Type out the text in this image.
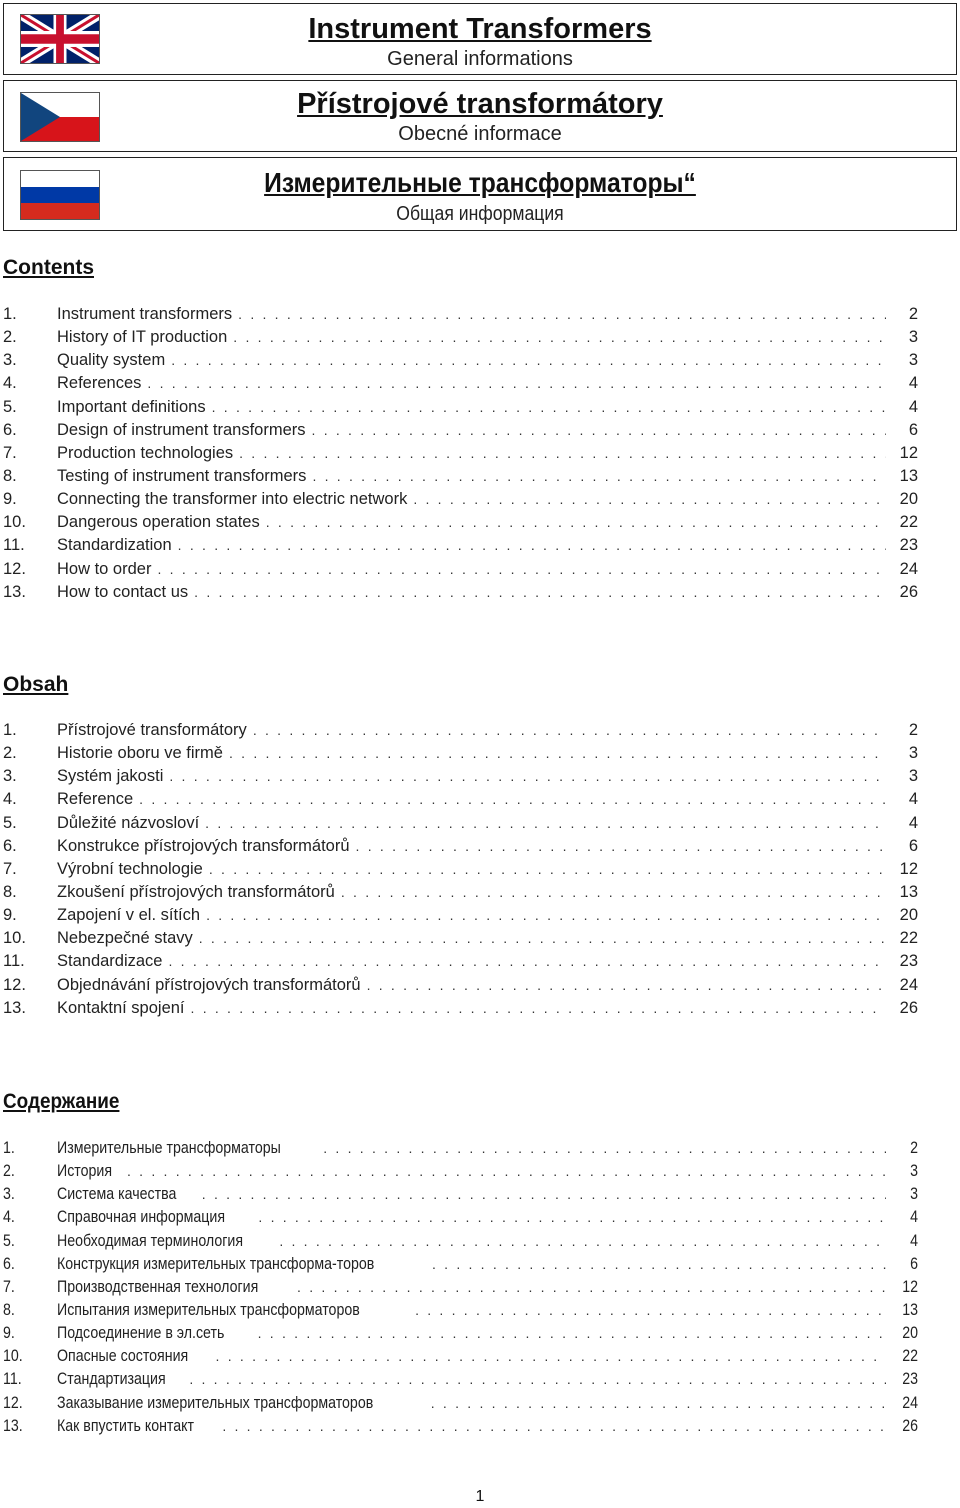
Instrument Transformers
General informations
Přístrojové transformátory
Obecné informace
Измерительные трансформаторы“
Общая информация
Contents
1.	Instrument transformers . . .	2
2.	History of IT production . . .	3
3.	Quality system . . .	3
4.	References . . .	4
5.	Important definitions . . .	4
6.	Design of instrument transformers . . .	6
7.	Production technologies . . .	12
8.	Testing of instrument transformers . . .	13
9.	Connecting the transformer into electric network . . .	20
10.	Dangerous operation states . . .	22
11.	Standardization . . .	23
12.	How to order . . .	24
13.	How to contact us . . .	26
Obsah
1.	Přístrojové transformátory . . .	2
2.	Historie oboru ve firmě . . .	3
3.	Systém jakosti . . .	3
4.	Reference . . .	4
5.	Důležité názvosloví . . .	4
6.	Konstrukce přístrojových transformátorů . . .	6
7.	Výrobní technologie . . .	12
8.	Zkoušení přístrojových transformátorů . . .	13
9.	Zapojení v el. sítích . . .	20
10.	Nebezpečné stavy . . .	22
11.	Standardizace . . .	23
12.	Objednávání přístrojových transformátorů . . .	24
13.	Kontaktní spojení . . .	26
Содержание
1.	Измерительные трансформаторы . . .	2
2.	История . . .	3
3.	Система качества . . .	3
4.	Справочная информация . . .	4
5.	Необходимая терминология . . .	4
6.	Конструкция измерительных трансформа-торов . . .	6
7.	Производственная технология . . .	12
8.	Испытания измерительных трансформаторов . . .	13
9.	Подсоединение в эл.сеть . . .	20
10.	Опасные состояния . . .	22
11.	Стандартизация . . .	23
12.	Заказывание измерительных трансформаторов . . .	24
13.	Как впустить контакт . . .	26
1
